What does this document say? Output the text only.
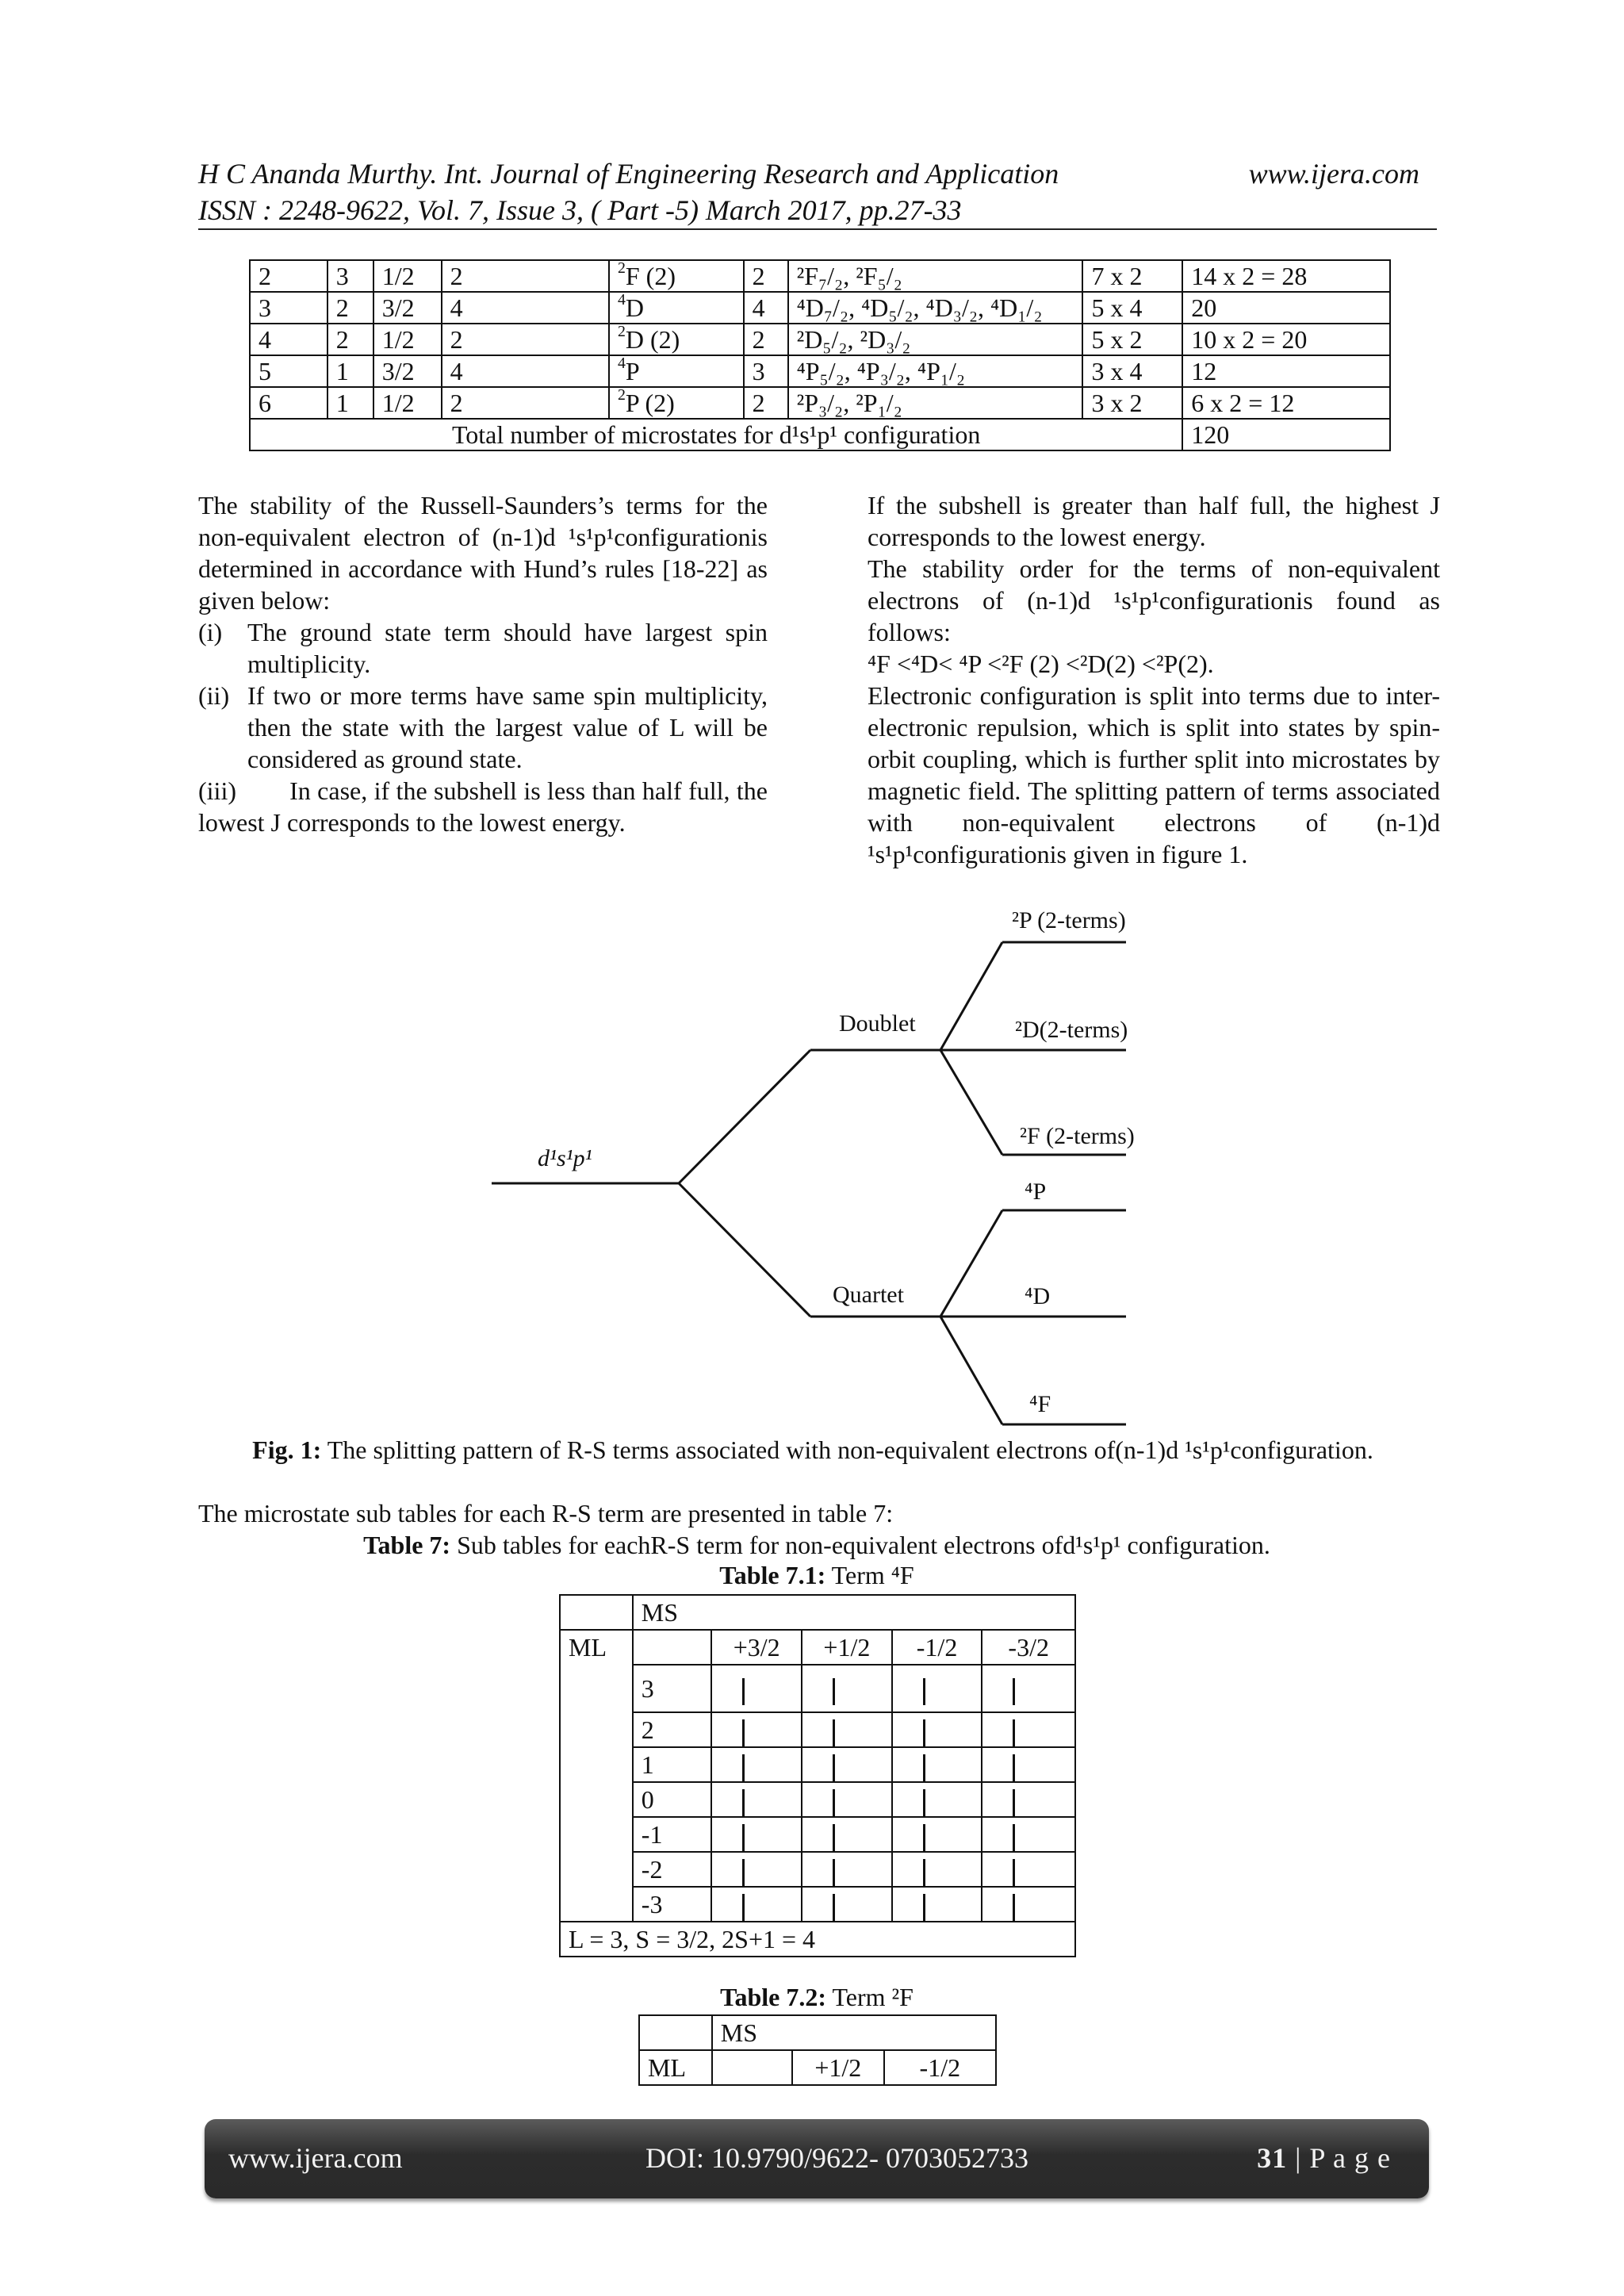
H C Ananda Murthy. Int. Journal of Engineering Research and Application	www.ijera.com
ISSN : 2248-9622, Vol. 7, Issue 3, ( Part -5) March 2017, pp.27-33
2	3	1/2	2	$^2$F (2)	2	²F₇/₂, ²F₅/₂	7 x 2	14 x 2 = 28
3	2	3/2	4	$^4$D	4	⁴D₇/₂, ⁴D₅/₂, ⁴D₃/₂, ⁴D₁/₂	5 x 4	20
4	2	1/2	2	$^2$D (2)	2	²D₅/₂, ²D₃/₂	5 x 2	10 x 2 = 20
5	1	3/2	4	$^4$P	3	⁴P₅/₂, ⁴P₃/₂, ⁴P₁/₂	3 x 4	12
6	1	1/2	2	$^2$P (2)	2	²P₃/₂, ²P₁/₂	3 x 2	6 x 2 = 12
Total number of microstates for d¹s¹p¹ configuration								120

The stability of the Russell-Saunders’s terms for the non-equivalent electron of (n-1)d ¹s¹p¹configurationis determined in accordance with Hund’s rules [18-22] as given below:

(i) The ground state term should have largest spin multiplicity.
(ii) If two or more terms have same spin multiplicity, then the state with the largest value of L will be considered as ground state.

(iii)        In case, if the subshell is less than half full, the lowest J corresponds to the lowest energy.

If the subshell is greater than half full, the highest J corresponds to the lowest energy.

The stability order for the terms of non-equivalent electrons of (n-1)d ¹s¹p¹configurationis found as follows:

⁴F <⁴D< ⁴P <²F (2) <²D(2) <²P(2).

Electronic configuration is split into terms due to inter-electronic repulsion, which is split into states by spin-orbit coupling, which is further split into microstates by magnetic field. The splitting pattern of terms associated with non-equivalent electrons of (n-1)d ¹s¹p¹configurationis given in figure 1.

d¹s¹p¹
Doublet
Quartet
²P (2-terms)
²D(2-terms)
²F (2-terms)
⁴P
⁴D
⁴F
Fig. 1: The splitting pattern of R-S terms associated with non-equivalent electrons of(n-1)d ¹s¹p¹configuration.
The microstate sub tables for each R-S term are presented in table 7:
Table 7: Sub tables for eachR-S term for non-equivalent electrons ofd¹s¹p¹ configuration.
Table 7.1: Term ⁴F
	MS				
ML		+3/2	+1/2	-1/2	-3/2
	3				
	2				
	1				
	0				
	-1				
	-2				
	-3				
L = 3, S = 3/2, 2S+1 = 4					
Table 7.2: Term ²F
	MS		
ML		+1/2	-1/2
www.ijera.com	DOI: 10.9790/9622- 0703052733	31 | P a g e
